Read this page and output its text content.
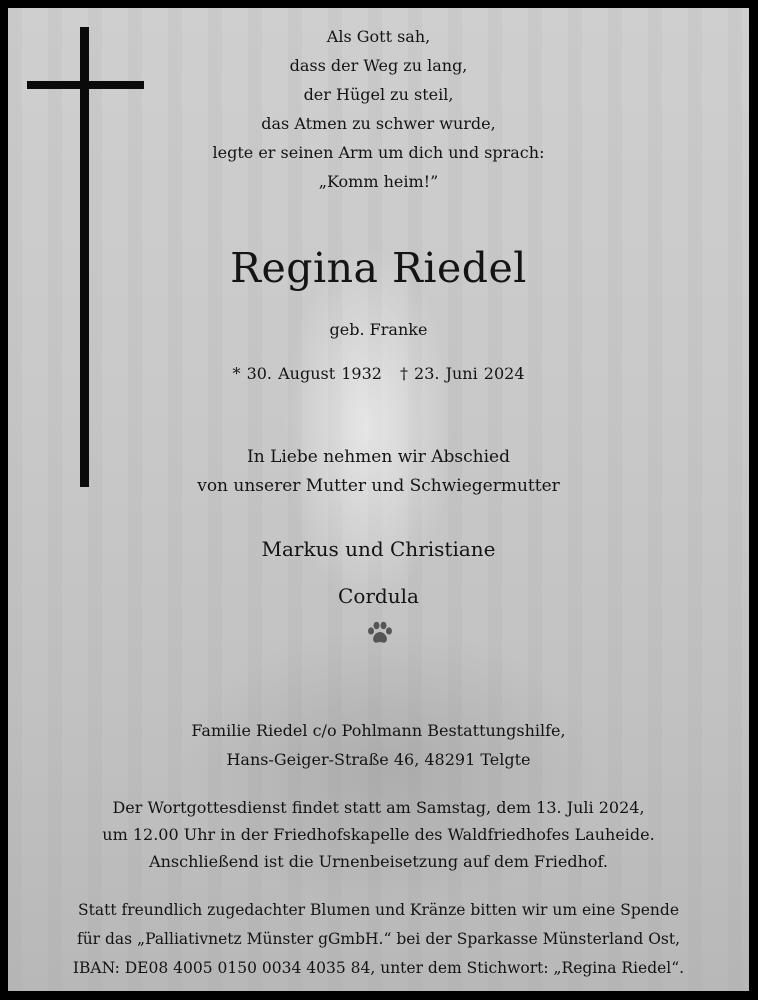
Als Gott sah,
dass der Weg zu lang,
der Hügel zu steil,
das Atmen zu schwer wurde,
legte er seinen Arm um dich und sprach:
„Komm heim!”
Regina Riedel
geb. Franke
* 30. August 1932 † 23. Juni 2024
In Liebe nehmen wir Abschied
von unserer Mutter und Schwiegermutter
Markus und Christiane
Cordula
Familie Riedel c/o Pohlmann Bestattungshilfe,
Hans-Geiger-Straße 46, 48291 Telgte
Der Wortgottesdienst findet statt am Samstag, dem 13. Juli 2024,
um 12.00 Uhr in der Friedhofskapelle des Waldfriedhofes Lauheide.
Anschließend ist die Urnenbeisetzung auf dem Friedhof.
Statt freundlich zugedachter Blumen und Kränze bitten wir um eine Spende
für das „Palliativnetz Münster gGmbH.“ bei der Sparkasse Münsterland Ost,
IBAN: DE08 4005 0150 0034 4035 84, unter dem Stichwort: „Regina Riedel“.
